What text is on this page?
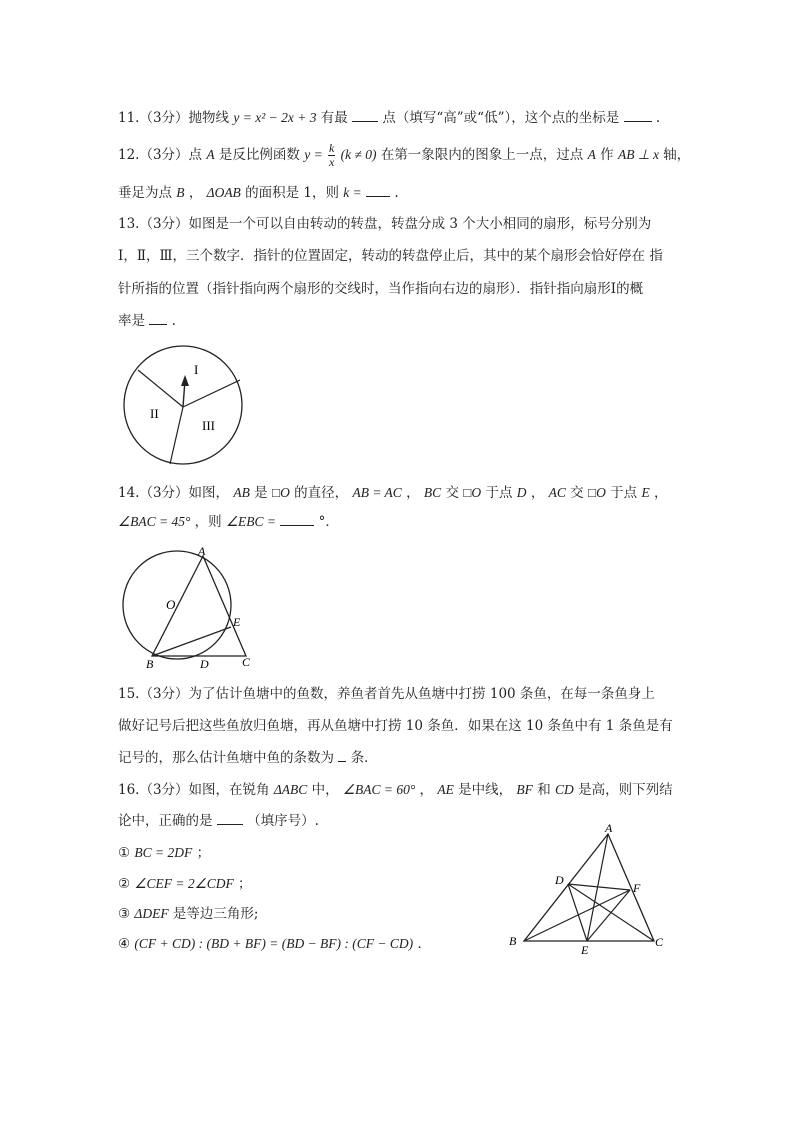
11.（3分）抛物线 y = x² − 2x + 3 有最	点（填写“高”或“低”），这个点的坐标是	.
12.（3分）点 A 是反比例函数 $y = \frac{k}{x} (k \ne 0)$ 在第一象限内的图象上一点，过点 A 作 AB ⊥ x 轴，
垂足为点 B ， ΔOAB 的面积是 1，则 k = .
13.（3分）如图是一个可以自由转动的转盘，转盘分成 3 个大小相同的扇形，标号分别为
Ⅰ，Ⅱ，Ⅲ，三个数字．指针的位置固定，转动的转盘停止后，其中的某个扇形会恰好停在 指
针所指的位置（指针指向两个扇形的交线时，当作指向右边的扇形）．指针指向扇形Ⅰ的概
率是 .
I
II
III
14.（3分）如图， AB 是 □O 的直径， AB = AC ， BC 交 □O 于点 D ， AC 交 □O 于点 E ，
∠BAC = 45° ，则 ∠EBC =	°．
A
O
E
B	D	C
15.（3分）为了估计鱼塘中的鱼数，养鱼者首先从鱼塘中打捞 100 条鱼，在每一条鱼身上
做好记号后把这些鱼放归鱼塘，再从鱼塘中打捞 10 条鱼．如果在这 10 条鱼中有 1 条鱼是有
记号的，那么估计鱼塘中鱼的条数为 条．
16.（3分）如图，在锐角 ΔABC 中， ∠BAC = 60° ， AE 是中线， BF 和 CD 是高，则下列结
论中，正确的是	（填序号）.
① BC = 2DF ；
② ∠CEF = 2∠CDF ；
③ ΔDEF 是等边三角形;
④ (CF + CD) : (BD + BF) = (BD − BF) : (CF − CD) ．
A
D
F
B
E
C
